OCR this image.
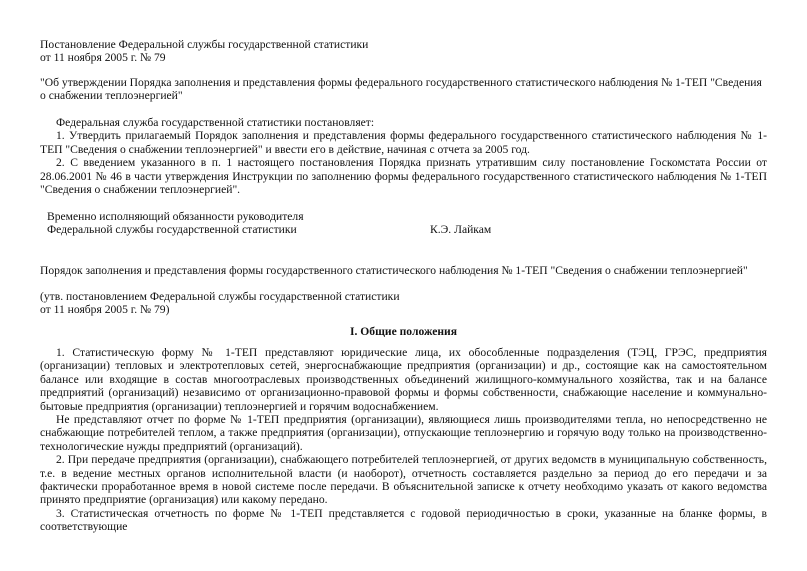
Постановление Федеральной службы государственной статистики

от 11 ноября 2005 г. № 79

"Об утверждении Порядка заполнения и представления формы федерального государственного статистического наблюдения № 1-ТЕП "Сведения о снабжении теплоэнергией"

Федеральная служба государственной статистики постановляет:

1. Утвердить прилагаемый Порядок заполнения и представления формы федерального государственного статистического наблюдения № 1-ТЕП "Сведения о снабжении теплоэнергией" и ввести его в действие, начиная с отчета за 2005 год.

2. С введением указанного в п. 1 настоящего постановления Порядка признать утратившим силу постановление Госкомстата России от 28.06.2001 № 46 в части утверждения Инструкции по заполнению формы федерального государственного статистического наблюдения № 1-ТЕП "Сведения о снабжении теплоэнергией".

Временно исполняющий обязанности руководителя

Федеральной службы государственной статистики	К.Э. Лайкам

Порядок заполнения и представления формы государственного статистического наблюдения № 1-ТЕП "Сведения о снабжении теплоэнергией"

(утв. постановлением Федеральной службы государственной статистики

от 11 ноября 2005 г. № 79)

I. Общие положения

1. Статистическую форму № 1-ТЕП представляют юридические лица, их обособленные подразделения (ТЭЦ, ГРЭС, предприятия (организации) тепловых и электротепловых сетей, энергоснабжающие предприятия (организации) и др., состоящие как на самостоятельном балансе или входящие в состав многоотраслевых производственных объединений жилищного-коммунального хозяйства, так и на балансе предприятий (организаций) независимо от организационно-правовой формы и формы собственности, снабжающие население и коммунально-бытовые предприятия (организации) теплоэнергией и горячим водоснабжением.

Не представляют отчет по форме № 1-ТЕП предприятия (организации), являющиеся лишь производителями тепла, но непосредственно не снабжающие потребителей теплом, а также предприятия (организации), отпускающие теплоэнергию и горячую воду только на производственно-технологические нужды предприятий (организаций).

2. При передаче предприятия (организации), снабжающего потребителей теплоэнергией, от других ведомств в муниципальную собственность, т.е. в ведение местных органов исполнительной власти (и наоборот), отчетность составляется раздельно за период до его передачи и за фактически проработанное время в новой системе после передачи. В объяснительной записке к отчету необходимо указать от какого ведомства принято предприятие (организация) или какому передано.

3. Статистическая отчетность по форме № 1-ТЕП представляется с годовой периодичностью в сроки, указанные на бланке формы, в соответствующие
